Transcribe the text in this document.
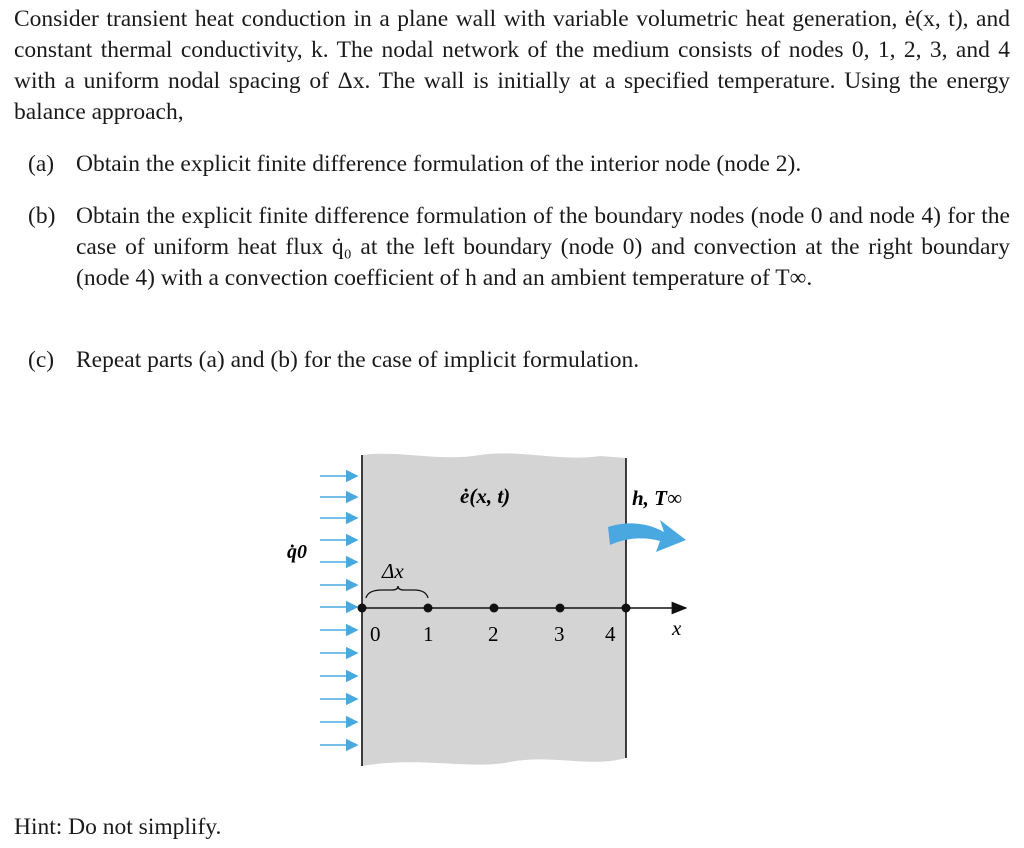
Consider transient heat conduction in a plane wall with variable volumetric heat generation, ė(x, t), and constant thermal conductivity, k. The nodal network of the medium consists of nodes 0, 1, 2, 3, and 4 with a uniform nodal spacing of Δx. The wall is initially at a specified temperature. Using the energy balance approach,
(a) Obtain the explicit finite difference formulation of the interior node (node 2).
(b) Obtain the explicit finite difference formulation of the boundary nodes (node 0 and node 4) for the case of uniform heat flux q̇₀ at the left boundary (node 0) and convection at the right boundary (node 4) with a convection coefficient of h and an ambient temperature of T∞.
(c) Repeat parts (a) and (b) for the case of implicit formulation.
q̇0
ė(x, t)	h, T∞
Δx
x
0 1	2	3 4
Hint: Do not simplify.
